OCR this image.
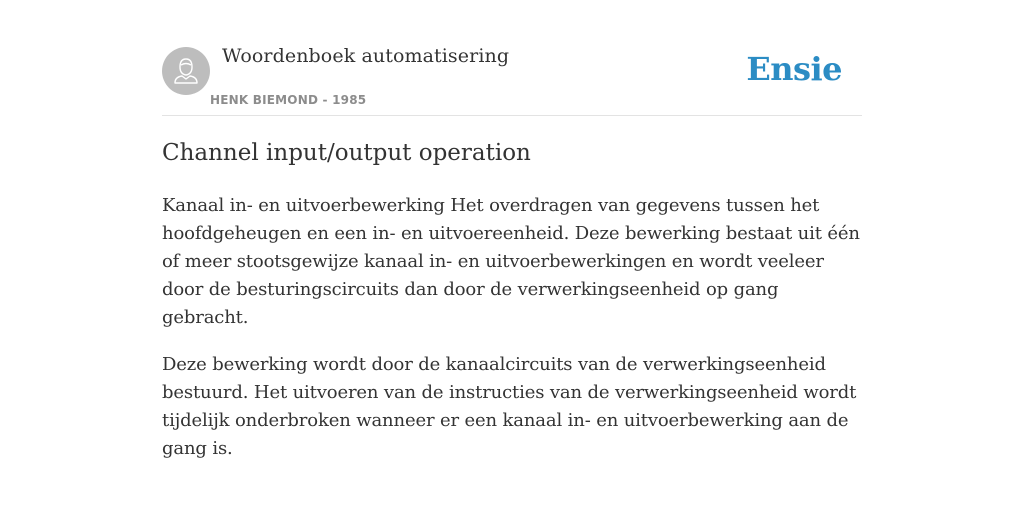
Woordenboek automatisering
HENK BIEMOND - 1985
Ensie
Channel input/output operation

Kanaal in- en uitvoerbewerking Het overdragen van gegevens tussen het hoofdgeheugen en een in- en uitvoereenheid. Deze bewerking bestaat uit één of meer stootsgewijze kanaal in- en uitvoerbewerkingen en wordt veeleer door de besturingscircuits dan door de verwerkingseenheid op gang gebracht.

Deze bewerking wordt door de kanaalcircuits van de verwerkingseenheid bestuurd. Het uitvoeren van de instructies van de verwerkingseenheid wordt tijdelijk onderbroken wanneer er een kanaal in- en uitvoerbewerking aan de gang is.
